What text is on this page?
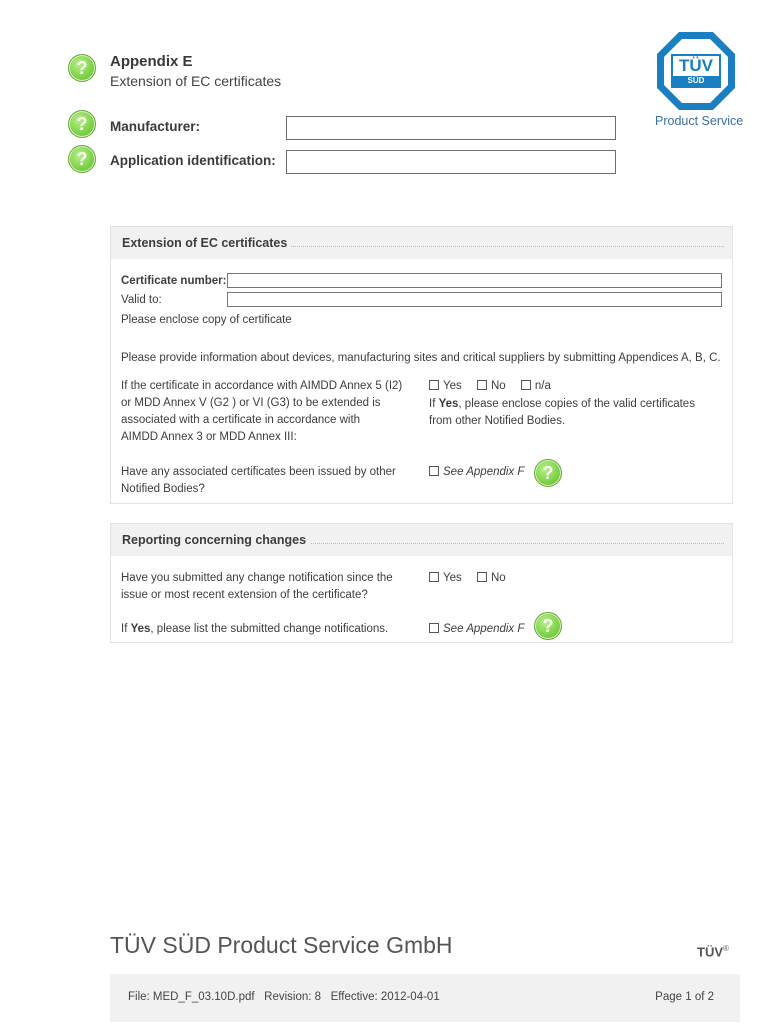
?	Appendix E
Extension of EC certificates
TÜV
SÜD
Product Service
?	Manufacturer:
?	Application identification:
Extension of EC certificates
Certificate number:
Valid to:
Please enclose copy of certificate
Please provide information about devices, manufacturing sites and critical suppliers by submitting Appendices A, B, C.
If the certificate in accordance with AIMDD Annex 5 (I2)
or MDD Annex V (G2 ) or VI (G3) to be extended is
associated with a certificate in accordance with
AIMDD Annex 3 or MDD Annex III:
Yes	No	n/a
If Yes, please enclose copies of the valid certificates
from other Notified Bodies.
Have any associated certificates been issued by other
Notified Bodies?
See Appendix F	?
Reporting concerning changes
Have you submitted any change notification since the
issue or most recent extension of the certificate?
Yes	No
If Yes, please list the submitted change notifications.	See Appendix F	?
TÜV SÜD Product Service GmbH	TÜV®
File: MED_F_03.10D.pdf   Revision: 8   Effective: 2012-04-01	Page 1 of 2
